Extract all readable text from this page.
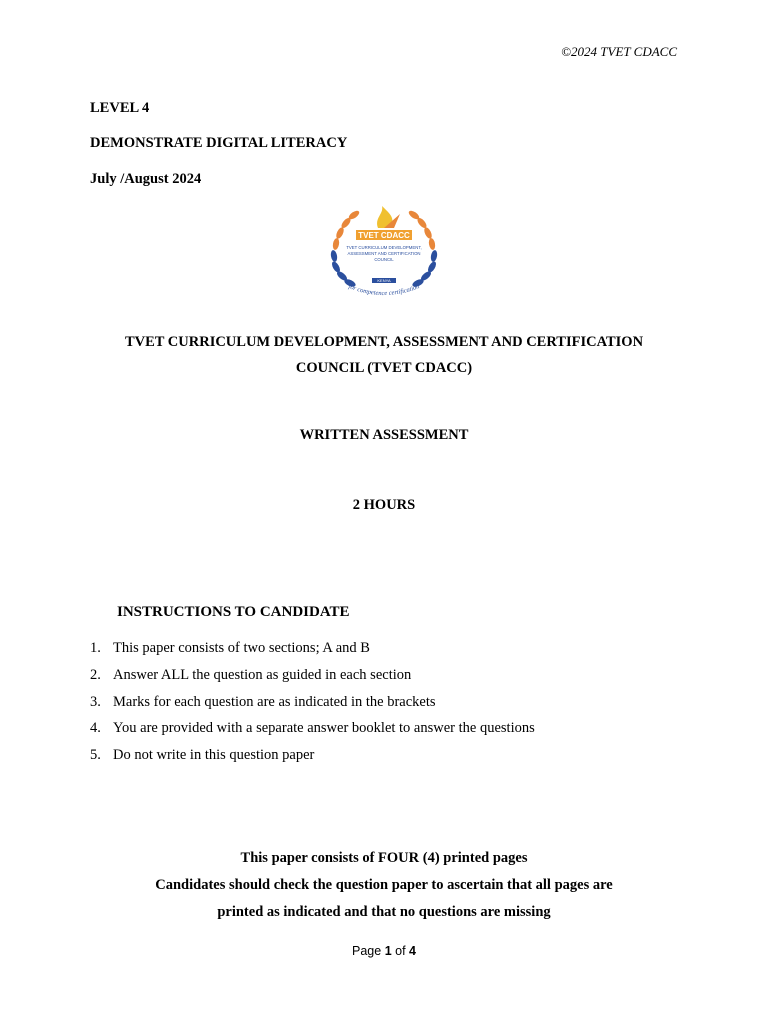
©2024 TVET CDACC
LEVEL 4
DEMONSTRATE DIGITAL LITERACY
July /August 2024
TVET CDACC
TVET CURRICULUM DEVELOPMENT,
ASSESSMENT AND CERTIFICATION
COUNCIL
KENYA
for competence certification
TVET CURRICULUM DEVELOPMENT, ASSESSMENT AND CERTIFICATION
COUNCIL (TVET CDACC)
WRITTEN ASSESSMENT
2 HOURS
INSTRUCTIONS TO CANDIDATE
1. This paper consists of two sections; A and B
2. Answer ALL the question as guided in each section
3. Marks for each question are as indicated in the brackets
4. You are provided with a separate answer booklet to answer the questions
5. Do not write in this question paper
This paper consists of FOUR (4) printed pages
Candidates should check the question paper to ascertain that all pages are
printed as indicated and that no questions are missing
Page 1 of 4
